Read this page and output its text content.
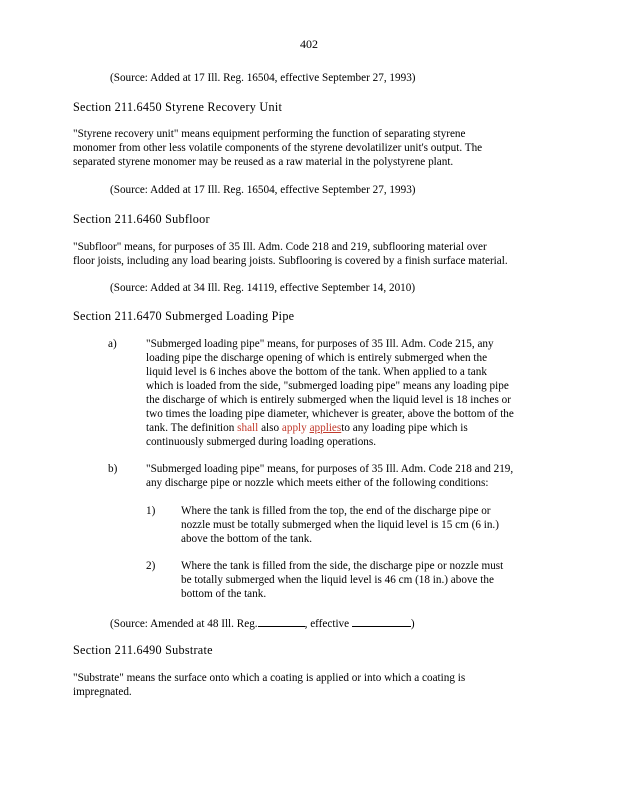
402
(Source: Added at 17 Ill. Reg. 16504, effective September 27, 1993)
Section 211.6450 Styrene Recovery Unit
"Styrene recovery unit" means equipment performing the function of separating styrene
monomer from other less volatile components of the styrene devolatilizer unit's output. The
separated styrene monomer may be reused as a raw material in the polystyrene plant.
(Source: Added at 17 Ill. Reg. 16504, effective September 27, 1993)
Section 211.6460 Subfloor
"Subfloor" means, for purposes of 35 Ill. Adm. Code 218 and 219, subflooring material over
floor joists, including any load bearing joists. Subflooring is covered by a finish surface material.
(Source: Added at 34 Ill. Reg. 14119, effective September 14, 2010)
Section 211.6470 Submerged Loading Pipe
a)	"Submerged loading pipe" means, for purposes of 35 Ill. Adm. Code 215, any
loading pipe the discharge opening of which is entirely submerged when the
liquid level is 6 inches above the bottom of the tank. When applied to a tank
which is loaded from the side, "submerged loading pipe" means any loading pipe
the discharge of which is entirely submerged when the liquid level is 18 inches or
two times the loading pipe diameter, whichever is greater, above the bottom of the
tank. The definition shall also apply appliesto any loading pipe which is
continuously submerged during loading operations.
b)	"Submerged loading pipe" means, for purposes of 35 Ill. Adm. Code 218 and 219,
any discharge pipe or nozzle which meets either of the following conditions:
1) Where the tank is filled from the top, the end of the discharge pipe or
nozzle must be totally submerged when the liquid level is 15 cm (6 in.)
above the bottom of the tank.
2) Where the tank is filled from the side, the discharge pipe or nozzle must
be totally submerged when the liquid level is 46 cm (18 in.) above the
bottom of the tank.
(Source: Amended at 48 Ill. Reg.	, effective	)
Section 211.6490 Substrate
"Substrate" means the surface onto which a coating is applied or into which a coating is
impregnated.
